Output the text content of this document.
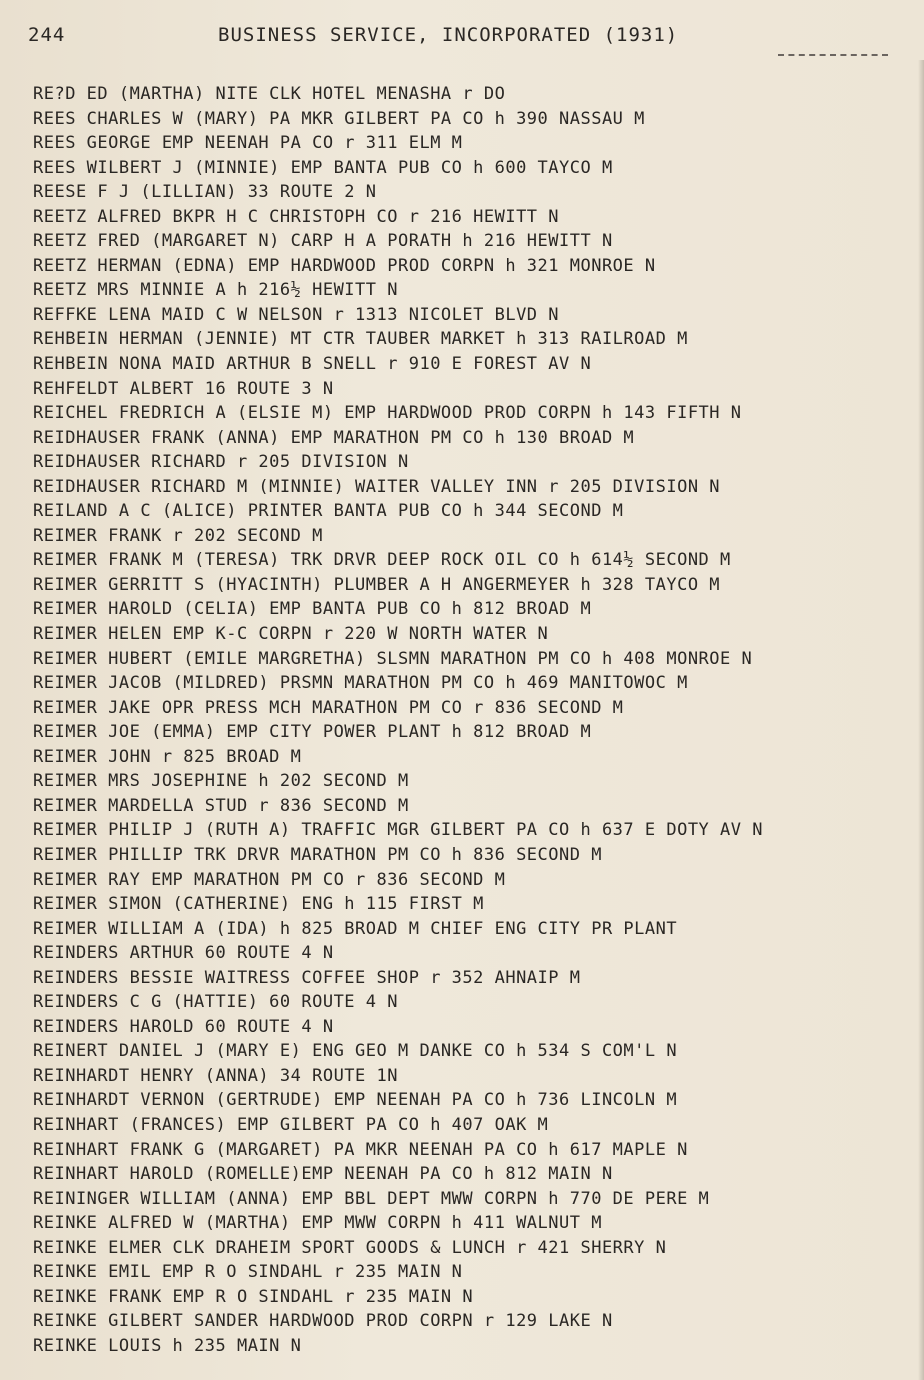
244	BUSINESS SERVICE, INCORPORATED (1931)
RE?D ED (MARTHA) NITE CLK HOTEL MENASHA r DO
REES CHARLES W (MARY) PA MKR GILBERT PA CO h 390 NASSAU M
REES GEORGE EMP NEENAH PA CO r 311 ELM M
REES WILBERT J (MINNIE) EMP BANTA PUB CO h 600 TAYCO M
REESE F J (LILLIAN) 33 ROUTE 2 N
REETZ ALFRED BKPR H C CHRISTOPH CO r 216 HEWITT N
REETZ FRED (MARGARET N) CARP H A PORATH h 216 HEWITT N
REETZ HERMAN (EDNA) EMP HARDWOOD PROD CORPN h 321 MONROE N
REETZ MRS MINNIE A h 216½ HEWITT N
REFFKE LENA MAID C W NELSON r 1313 NICOLET BLVD N
REHBEIN HERMAN (JENNIE) MT CTR TAUBER MARKET h 313 RAILROAD M
REHBEIN NONA MAID ARTHUR B SNELL r 910 E FOREST AV N
REHFELDT ALBERT 16 ROUTE 3 N
REICHEL FREDRICH A (ELSIE M) EMP HARDWOOD PROD CORPN h 143 FIFTH N
REIDHAUSER FRANK (ANNA) EMP MARATHON PM CO h 130 BROAD M
REIDHAUSER RICHARD r 205 DIVISION N
REIDHAUSER RICHARD M (MINNIE) WAITER VALLEY INN r 205 DIVISION N
REILAND A C (ALICE) PRINTER BANTA PUB CO h 344 SECOND M
REIMER FRANK r 202 SECOND M
REIMER FRANK M (TERESA) TRK DRVR DEEP ROCK OIL CO h 614½ SECOND M
REIMER GERRITT S (HYACINTH) PLUMBER A H ANGERMEYER h 328 TAYCO M
REIMER HAROLD (CELIA) EMP BANTA PUB CO h 812 BROAD M
REIMER HELEN EMP K-C CORPN r 220 W NORTH WATER N
REIMER HUBERT (EMILE MARGRETHA) SLSMN MARATHON PM CO h 408 MONROE N
REIMER JACOB (MILDRED) PRSMN MARATHON PM CO h 469 MANITOWOC M
REIMER JAKE OPR PRESS MCH MARATHON PM CO r 836 SECOND M
REIMER JOE (EMMA) EMP CITY POWER PLANT h 812 BROAD M
REIMER JOHN r 825 BROAD M
REIMER MRS JOSEPHINE h 202 SECOND M
REIMER MARDELLA STUD r 836 SECOND M
REIMER PHILIP J (RUTH A) TRAFFIC MGR GILBERT PA CO h 637 E DOTY AV N
REIMER PHILLIP TRK DRVR MARATHON PM CO h 836 SECOND M
REIMER RAY EMP MARATHON PM CO r 836 SECOND M
REIMER SIMON (CATHERINE) ENG h 115 FIRST M
REIMER WILLIAM A (IDA) h 825 BROAD M CHIEF ENG CITY PR PLANT
REINDERS ARTHUR 60 ROUTE 4 N
REINDERS BESSIE WAITRESS COFFEE SHOP r 352 AHNAIP M
REINDERS C G (HATTIE) 60 ROUTE 4 N
REINDERS HAROLD 60 ROUTE 4 N
REINERT DANIEL J (MARY E) ENG GEO M DANKE CO h 534 S COM'L N
REINHARDT HENRY (ANNA) 34 ROUTE 1N
REINHARDT VERNON (GERTRUDE) EMP NEENAH PA CO h 736 LINCOLN M
REINHART (FRANCES) EMP GILBERT PA CO h 407 OAK M
REINHART FRANK G (MARGARET) PA MKR NEENAH PA CO h 617 MAPLE N
REINHART HAROLD (ROMELLE)EMP NEENAH PA CO h 812 MAIN N
REININGER WILLIAM (ANNA) EMP BBL DEPT MWW CORPN h 770 DE PERE M
REINKE ALFRED W (MARTHA) EMP MWW CORPN h 411 WALNUT M
REINKE ELMER CLK DRAHEIM SPORT GOODS & LUNCH r 421 SHERRY N
REINKE EMIL EMP R O SINDAHL r 235 MAIN N
REINKE FRANK EMP R O SINDAHL r 235 MAIN N
REINKE GILBERT SANDER HARDWOOD PROD CORPN r 129 LAKE N
REINKE LOUIS h 235 MAIN N
